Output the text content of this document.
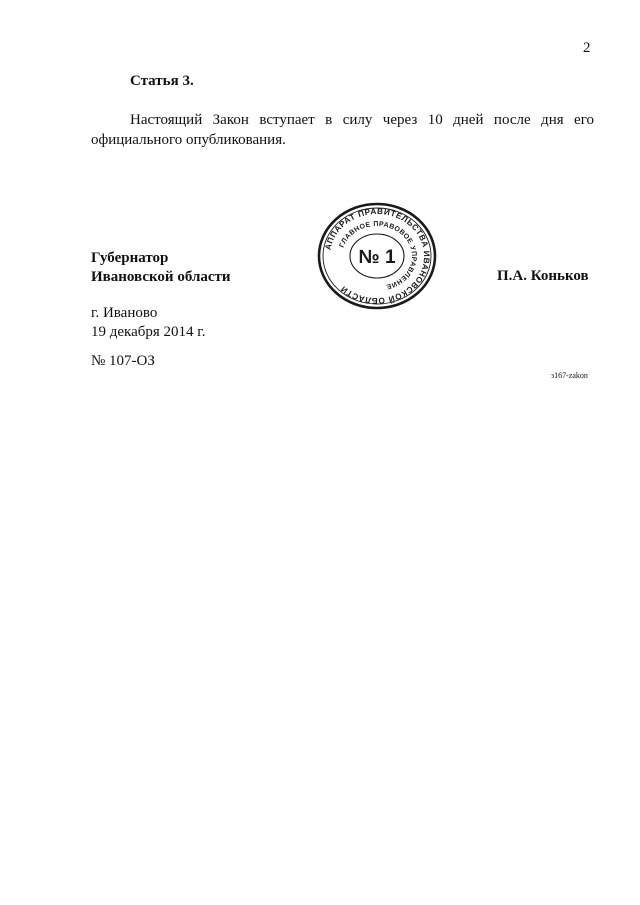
2
Статья 3.
Настоящий Закон вступает в силу через 10 дней после дня его официального опубликования.
Губернатор
Ивановской области	П.А. Коньков
г. Иваново
19 декабря 2014 г.
№ 107-ОЗ
з167-zakon
АППАРАТ ПРАВИТЕЛЬСТВА ИВАНОВСКОЙ ОБЛАСТИ
ГЛАВНОЕ ПРАВОВОЕ УПРАВЛЕНИЕ
№ 1
